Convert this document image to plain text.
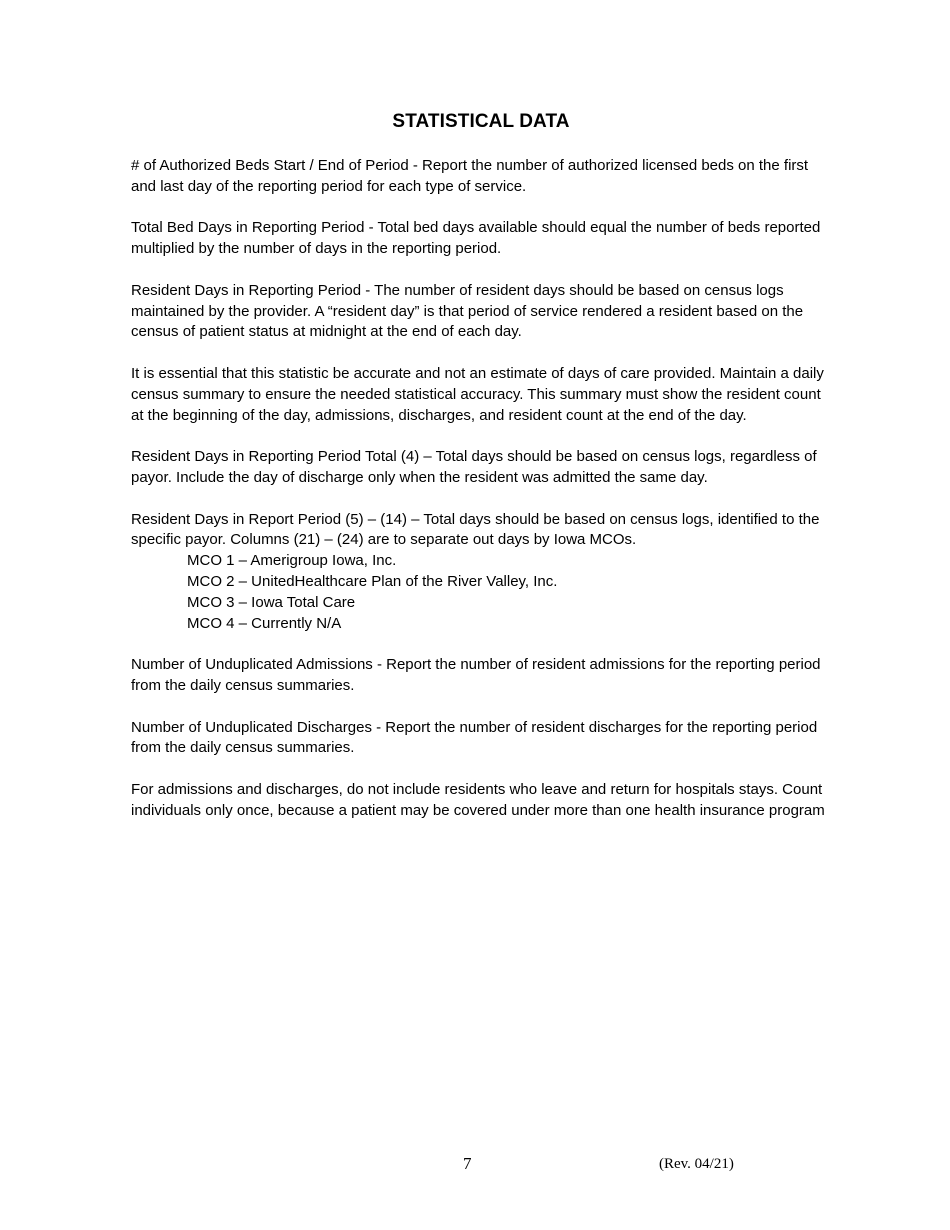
STATISTICAL DATA

# of Authorized Beds Start / End of Period - Report the number of authorized licensed beds on the first and last day of the reporting period for each type of service.

Total Bed Days in Reporting Period - Total bed days available should equal the number of beds reported multiplied by the number of days in the reporting period.

Resident Days in Reporting Period - The number of resident days should be based on census logs maintained by the provider. A “resident day” is that period of service rendered a resident based on the census of patient status at midnight at the end of each day.

It is essential that this statistic be accurate and not an estimate of days of care provided. Maintain a daily census summary to ensure the needed statistical accuracy. This summary must show the resident count at the beginning of the day, admissions, discharges, and resident count at the end of the day.

Resident Days in Reporting Period Total (4) – Total days should be based on census logs, regardless of payor. Include the day of discharge only when the resident was admitted the same day.

Resident Days in Report Period (5) – (14) – Total days should be based on census logs, identified to the specific payor. Columns (21) – (24) are to separate out days by Iowa MCOs.

MCO 1 – Amerigroup Iowa, Inc.
MCO 2 – UnitedHealthcare Plan of the River Valley, Inc.
MCO 3 – Iowa Total Care
MCO 4 – Currently N/A

Number of Unduplicated Admissions - Report the number of resident admissions for the reporting period from the daily census summaries.

Number of Unduplicated Discharges - Report the number of resident discharges for the reporting period from the daily census summaries.

For admissions and discharges, do not include residents who leave and return for hospitals stays. Count individuals only once, because a patient may be covered under more than one health insurance program

7	(Rev. 04/21)
